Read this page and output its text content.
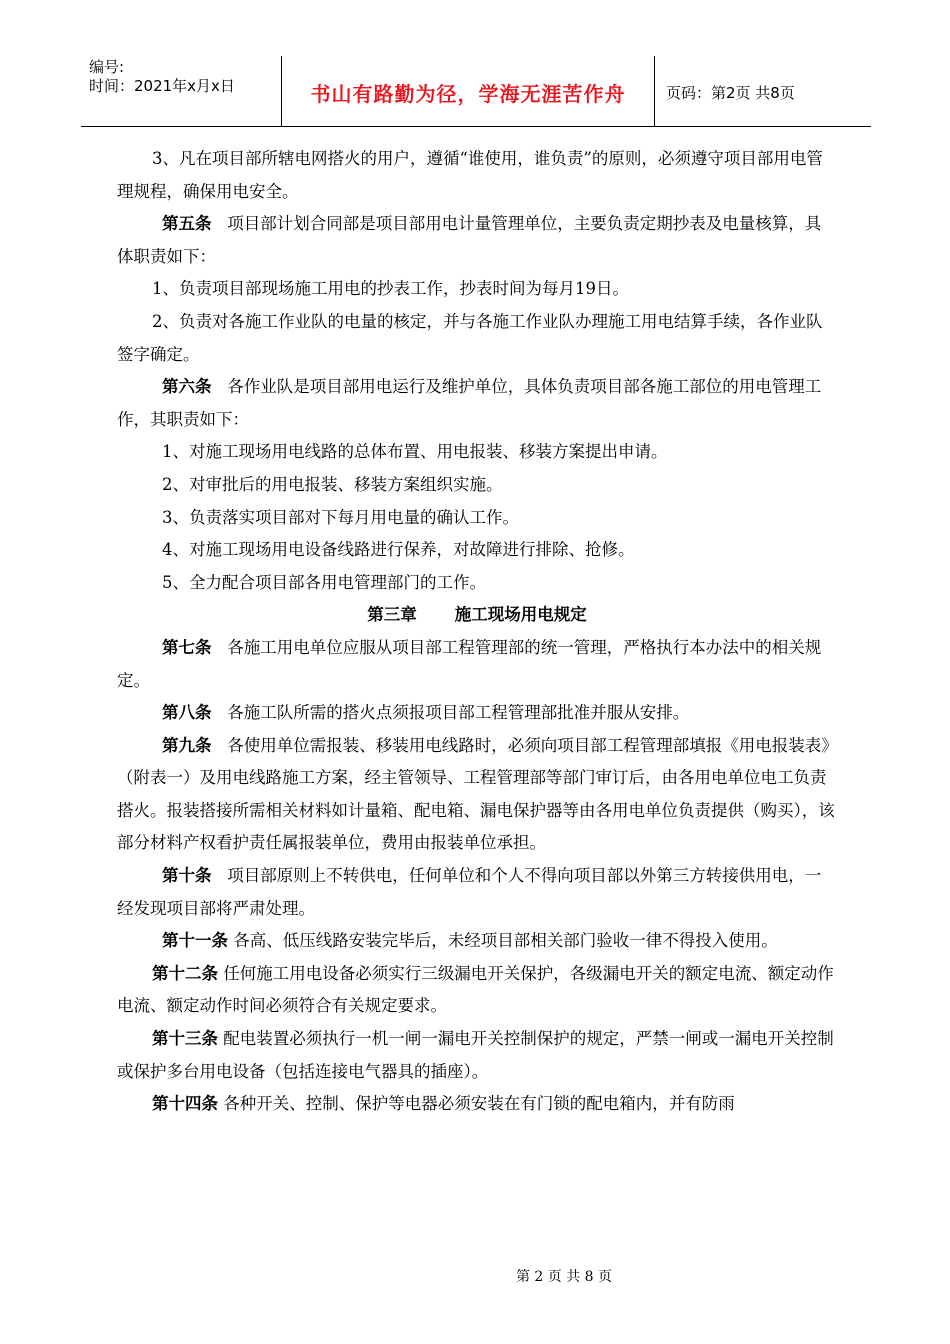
编号:
时间：2021年x月x日	书山有路勤为径，学海无涯苦作舟	页码：第2页 共8页

3、凡在项目部所辖电网搭火的用户，遵循“谁使用，谁负责”的原则，必须遵守项目部用电管理规程，确保用电安全。

第五条 项目部计划合同部是项目部用电计量管理单位，主要负责定期抄表及电量核算，具体职责如下：

1、负责项目部现场施工用电的抄表工作，抄表时间为每月19日。

2、负责对各施工作业队的电量的核定，并与各施工作业队办理施工用电结算手续，各作业队签字确定。

第六条 各作业队是项目部用电运行及维护单位，具体负责项目部各施工部位的用电管理工作，其职责如下：

1、对施工现场用电线路的总体布置、用电报装、移装方案提出申请。

2、对审批后的用电报装、移装方案组织实施。

3、负责落实项目部对下每月用电量的确认工作。

4、对施工现场用电设备线路进行保养，对故障进行排除、抢修。

5、全力配合项目部各用电管理部门的工作。

第三章 施工现场用电规定

第七条 各施工用电单位应服从项目部工程管理部的统一管理，严格执行本办法中的相关规定。

第八条 各施工队所需的搭火点须报项目部工程管理部批准并服从安排。

第九条 各使用单位需报装、移装用电线路时，必须向项目部工程管理部填报《用电报装表》（附表一）及用电线路施工方案，经主管领导、工程管理部等部门审订后，由各用电单位电工负责搭火。报装搭接所需相关材料如计量箱、配电箱、漏电保护器等由各用电单位负责提供（购买），该部分材料产权看护责任属报装单位，费用由报装单位承担。

第十条 项目部原则上不转供电，任何单位和个人不得向项目部以外第三方转接供用电，一经发现项目部将严肃处理。

第十一条 各高、低压线路安装完毕后，未经项目部相关部门验收一律不得投入使用。

第十二条 任何施工用电设备必须实行三级漏电开关保护，各级漏电开关的额定电流、额定动作电流、额定动作时间必须符合有关规定要求。

第十三条 配电装置必须执行一机一闸一漏电开关控制保护的规定，严禁一闸或一漏电开关控制或保护多台用电设备（包括连接电气器具的插座）。

第十四条 各种开关、控制、保护等电器必须安装在有门锁的配电箱内，并有防雨

第 2 页 共 8 页
